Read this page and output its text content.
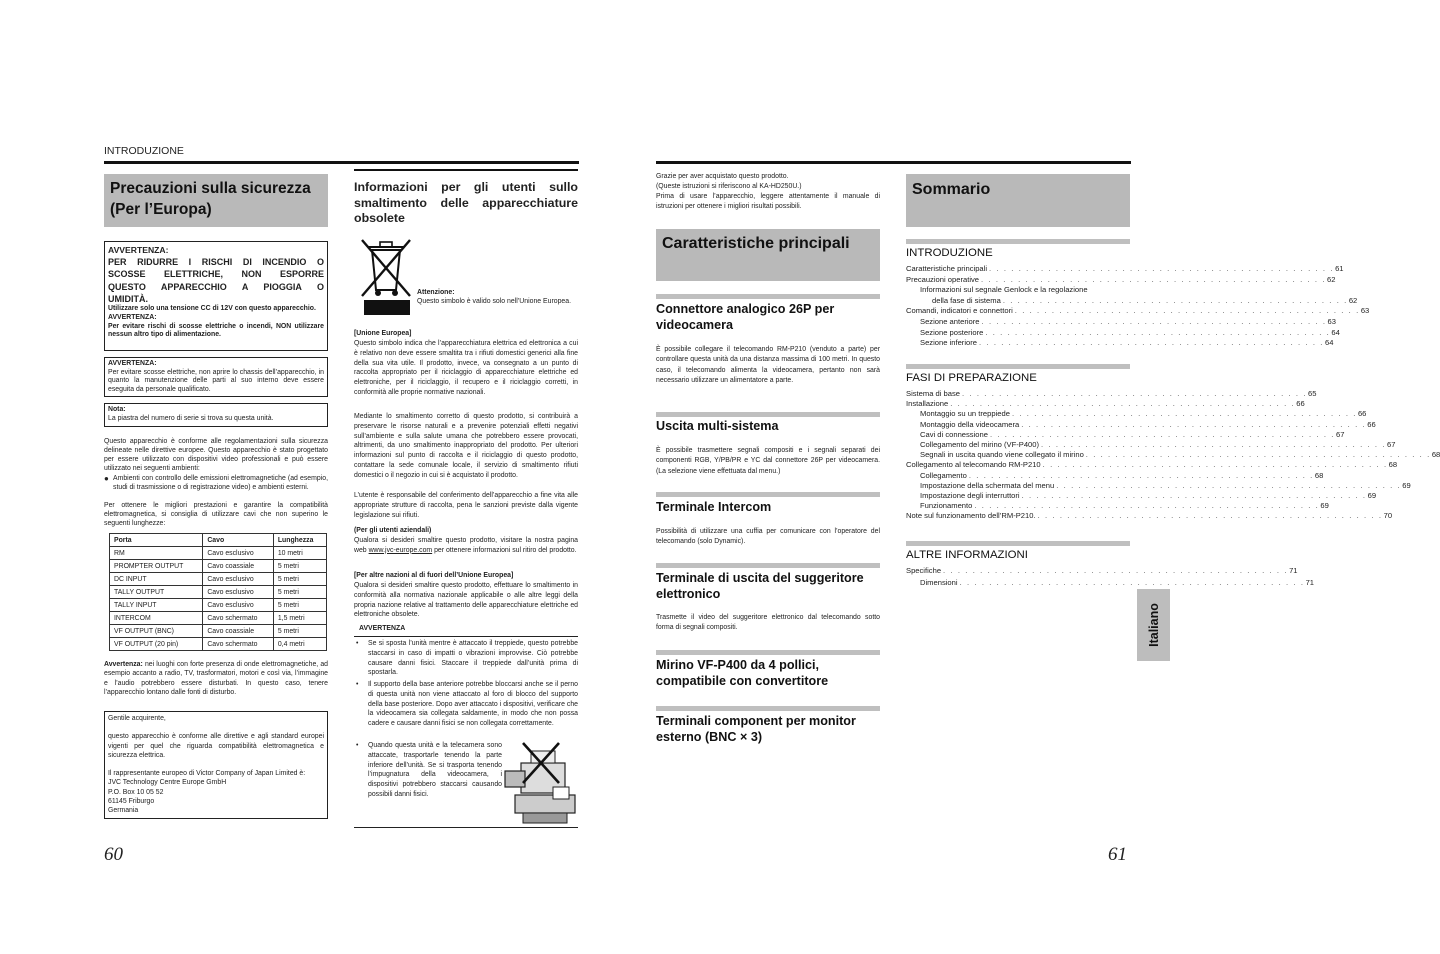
INTRODUZIONE
Precauzioni sulla sicurezza
(Per l’Europa)
AVVERTENZA:
PER RIDURRE I RISCHI DI INCENDIO O
SCOSSE ELETTRICHE, NON ESPORRE
QUESTO APPARECCHIO A PIOGGIA O
UMIDITÀ.
Utilizzare solo una tensione CC di 12V con questo apparecchio.
AVVERTENZA:
Per evitare rischi di scosse elettriche o incendi, NON utilizzare nessun altro tipo di alimentazione.
AVVERTENZA:
Per evitare scosse elettriche, non aprire lo chassis dell’apparecchio, in quanto la manutenzione delle parti al suo interno deve essere eseguita da personale qualificato.
Nota:
La piastra del numero di serie si trova su questa unità.
Questo apparecchio è conforme alle regolamentazioni sulla sicurezza delineate nelle direttive europee. Questo apparecchio è stato progettato per essere utilizzato con dispositivi video professionali e può essere utilizzato nei seguenti ambienti:
● Ambienti con controllo delle emissioni elettromagnetiche (ad esempio, studi di trasmissione o di registrazione video) e ambienti esterni.
Per ottenere le migliori prestazioni e garantire la compatibilità elettromagnetica, si consiglia di utilizzare cavi che non superino le seguenti lunghezze:
Porta	Cavo	Lunghezza
RM	Cavo esclusivo	10 metri
PROMPTER OUTPUT	Cavo coassiale	5 metri
DC INPUT	Cavo esclusivo	5 metri
TALLY OUTPUT	Cavo esclusivo	5 metri
TALLY INPUT	Cavo esclusivo	5 metri
INTERCOM	Cavo schermato	1,5 metri
VF OUTPUT (BNC)	Cavo coassiale	5 metri
VF OUTPUT (20 pin)	Cavo schermato	0,4 metri
Avvertenza: nei luoghi con forte presenza di onde elettromagnetiche, ad esempio accanto a radio, TV, trasformatori, motori e così via, l’immagine e l’audio potrebbero essere disturbati. In questo caso, tenere l’apparecchio lontano dalle fonti di disturbo.
Gentile acquirente,
questo apparecchio è conforme alle direttive e agli standard europei vigenti per quel che riguarda compatibilità elettromagnetica e sicurezza elettrica.
Il rappresentante europeo di Victor Company of Japan Limited è:
JVC Technology Centre Europe GmbH
P.O. Box 10 05 52
61145 Friburgo
Germania
60
Informazioni per gli utenti sullo smaltimento delle apparecchiature obsolete
Attenzione:
Questo simbolo è valido solo nell’Unione Europea.
[Unione Europea]
Questo simbolo indica che l’apparecchiatura elettrica ed elettronica a cui è relativo non deve essere smaltita tra i rifiuti domestici generici alla fine della sua vita utile. Il prodotto, invece, va consegnato a un punto di raccolta appropriato per il riciclaggio di apparecchiature elettriche ed elettroniche, per il riciclaggio, il recupero e il riciclaggio corretti, in conformità alle proprie normative nazionali.
Mediante lo smaltimento corretto di questo prodotto, si contribuirà a preservare le risorse naturali e a prevenire potenziali effetti negativi sull’ambiente e sulla salute umana che potrebbero essere provocati, altrimenti, da uno smaltimento inappropriato del prodotto. Per ulteriori informazioni sul punto di raccolta e il riciclaggio di questo prodotto, contattare la sede comunale locale, il servizio di smaltimento rifiuti domestici o il negozio in cui si è acquistato il prodotto.
L’utente è responsabile del conferimento dell’apparecchio a fine vita alle appropriate strutture di raccolta, pena le sanzioni previste dalla vigente legislazione sui rifiuti.
(Per gli utenti aziendali)
Qualora si desideri smaltire questo prodotto, visitare la nostra pagina web www.jvc-europe.com per ottenere informazioni sul ritiro del prodotto.
[Per altre nazioni al di fuori dell’Unione Europea]
Qualora si desideri smaltire questo prodotto, effettuare lo smaltimento in conformità alla normativa nazionale applicabile o alle altre leggi della propria nazione relative al trattamento delle apparecchiature elettriche ed elettroniche obsolete.
AVVERTENZA
• Se si sposta l’unità mentre è attaccato il treppiede, questo potrebbe staccarsi in caso di impatti o vibrazioni improvvise. Ciò potrebbe causare danni fisici. Staccare il treppiede dall’unità prima di spostarla.
• Il supporto della base anteriore potrebbe bloccarsi anche se il perno di questa unità non viene attaccato al foro di blocco del supporto della base posteriore. Dopo aver attaccato i dispositivi, verificare che la videocamera sia collegata saldamente, in modo che non possa cadere e causare danni fisici se non collegata correttamente.
• Quando questa unità e la telecamera sono attaccate, trasportarle tenendo la parte inferiore dell’unità. Se si trasporta tenendo l’impugnatura della videocamera, i dispositivi potrebbero staccarsi causando possibili danni fisici.
Grazie per aver acquistato questo prodotto.
(Queste istruzioni si riferiscono al KA-HD250U.)
Prima di usare l’apparecchio, leggere attentamente il manuale di istruzioni per ottenere i migliori risultati possibili.
Caratteristiche principali
Connettore analogico 26P per videocamera
È possibile collegare il telecomando RM-P210 (venduto a parte) per controllare questa unità da una distanza massima di 100 metri. In questo caso, il telecomando alimenta la videocamera, pertanto non sarà necessario utilizzare un alimentatore a parte.
Uscita multi-sistema
È possibile trasmettere segnali compositi e i segnali separati dei componenti RGB, Y/PB/PR e YC dal connettore 26P per videocamera. (La selezione viene effettuata dal menu.)
Terminale Intercom
Possibilità di utilizzare una cuffia per comunicare con l’operatore del telecomando (solo Dynamic).
Terminale di uscita del suggeritore elettronico
Trasmette il video del suggeritore elettronico dal telecomando sotto forma di segnali compositi.
Mirino VF-P400 da 4 pollici, compatibile con convertitore
Terminali component per monitor esterno (BNC × 3)
Sommario
INTRODUZIONE
Caratteristiche principali . . . . . . . . . . . . . . . . . . . . . . . . . . . . . . . . . . . . . . . . . . . . . . . 61
Precauzioni operative . . . . . . . . . . . . . . . . . . . . . . . . . . . . . . . . . . . . . . . . . . . . . . . 62
Informazioni sul segnale Genlock e la regolazione
della fase di sistema . . . . . . . . . . . . . . . . . . . . . . . . . . . . . . . . . . . . . . . . . . . . . . . 62
Comandi, indicatori e connettori . . . . . . . . . . . . . . . . . . . . . . . . . . . . . . . . . . . . . . . . . . . . . . . 63
Sezione anteriore . . . . . . . . . . . . . . . . . . . . . . . . . . . . . . . . . . . . . . . . . . . . . . . 63
Sezione posteriore . . . . . . . . . . . . . . . . . . . . . . . . . . . . . . . . . . . . . . . . . . . . . . . 64
Sezione inferiore . . . . . . . . . . . . . . . . . . . . . . . . . . . . . . . . . . . . . . . . . . . . . . . 64
FASI DI PREPARAZIONE
Sistema di base . . . . . . . . . . . . . . . . . . . . . . . . . . . . . . . . . . . . . . . . . . . . . . . 65
Installazione . . . . . . . . . . . . . . . . . . . . . . . . . . . . . . . . . . . . . . . . . . . . . . . 66
Montaggio su un treppiede . . . . . . . . . . . . . . . . . . . . . . . . . . . . . . . . . . . . . . . . . . . . . . . 66
Montaggio della videocamera . . . . . . . . . . . . . . . . . . . . . . . . . . . . . . . . . . . . . . . . . . . . . . . 66
Cavi di connessione . . . . . . . . . . . . . . . . . . . . . . . . . . . . . . . . . . . . . . . . . . . . . . . 67
Collegamento del mirino (VF-P400) . . . . . . . . . . . . . . . . . . . . . . . . . . . . . . . . . . . . . . . . . . . . . . . 67
Segnali in uscita quando viene collegato il mirino . . . . . . . . . . . . . . . . . . . . . . . . . . . . . . . . . . . . . . . . . . . . . . . 68
Collegamento al telecomando RM-P210 . . . . . . . . . . . . . . . . . . . . . . . . . . . . . . . . . . . . . . . . . . . . . . . 68
Collegamento . . . . . . . . . . . . . . . . . . . . . . . . . . . . . . . . . . . . . . . . . . . . . . . 68
Impostazione della schermata del menu . . . . . . . . . . . . . . . . . . . . . . . . . . . . . . . . . . . . . . . . . . . . . . . 69
Impostazione degli interruttori . . . . . . . . . . . . . . . . . . . . . . . . . . . . . . . . . . . . . . . . . . . . . . . 69
Funzionamento . . . . . . . . . . . . . . . . . . . . . . . . . . . . . . . . . . . . . . . . . . . . . . . 69
Note sul funzionamento dell’RM-P210. . . . . . . . . . . . . . . . . . . . . . . . . . . . . . . . . . . . . . . . . . . . . . . . 70
ALTRE INFORMAZIONI
Specifiche . . . . . . . . . . . . . . . . . . . . . . . . . . . . . . . . . . . . . . . . . . . . . . . 71
Dimensioni . . . . . . . . . . . . . . . . . . . . . . . . . . . . . . . . . . . . . . . . . . . . . . . 71
Italiano
61
